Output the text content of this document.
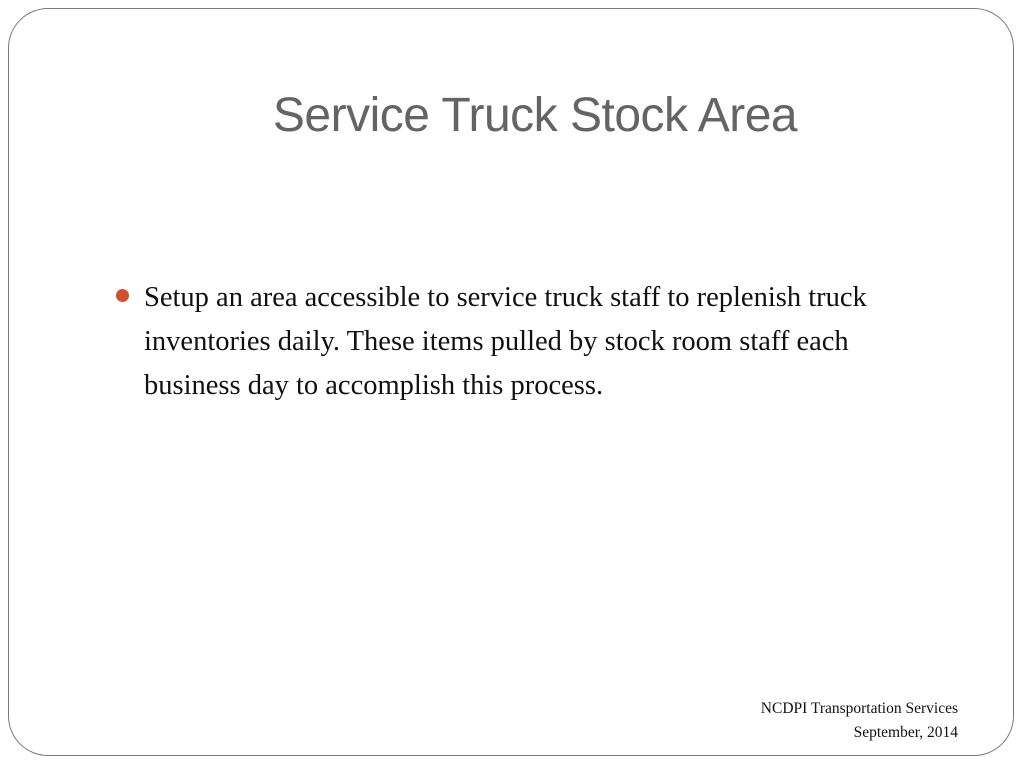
Service Truck Stock Area
Setup an area accessible to service truck staff to replenish truck inventories daily. These items pulled by stock room staff each business day to accomplish this process.
NCDPI Transportation Services
September, 2014
